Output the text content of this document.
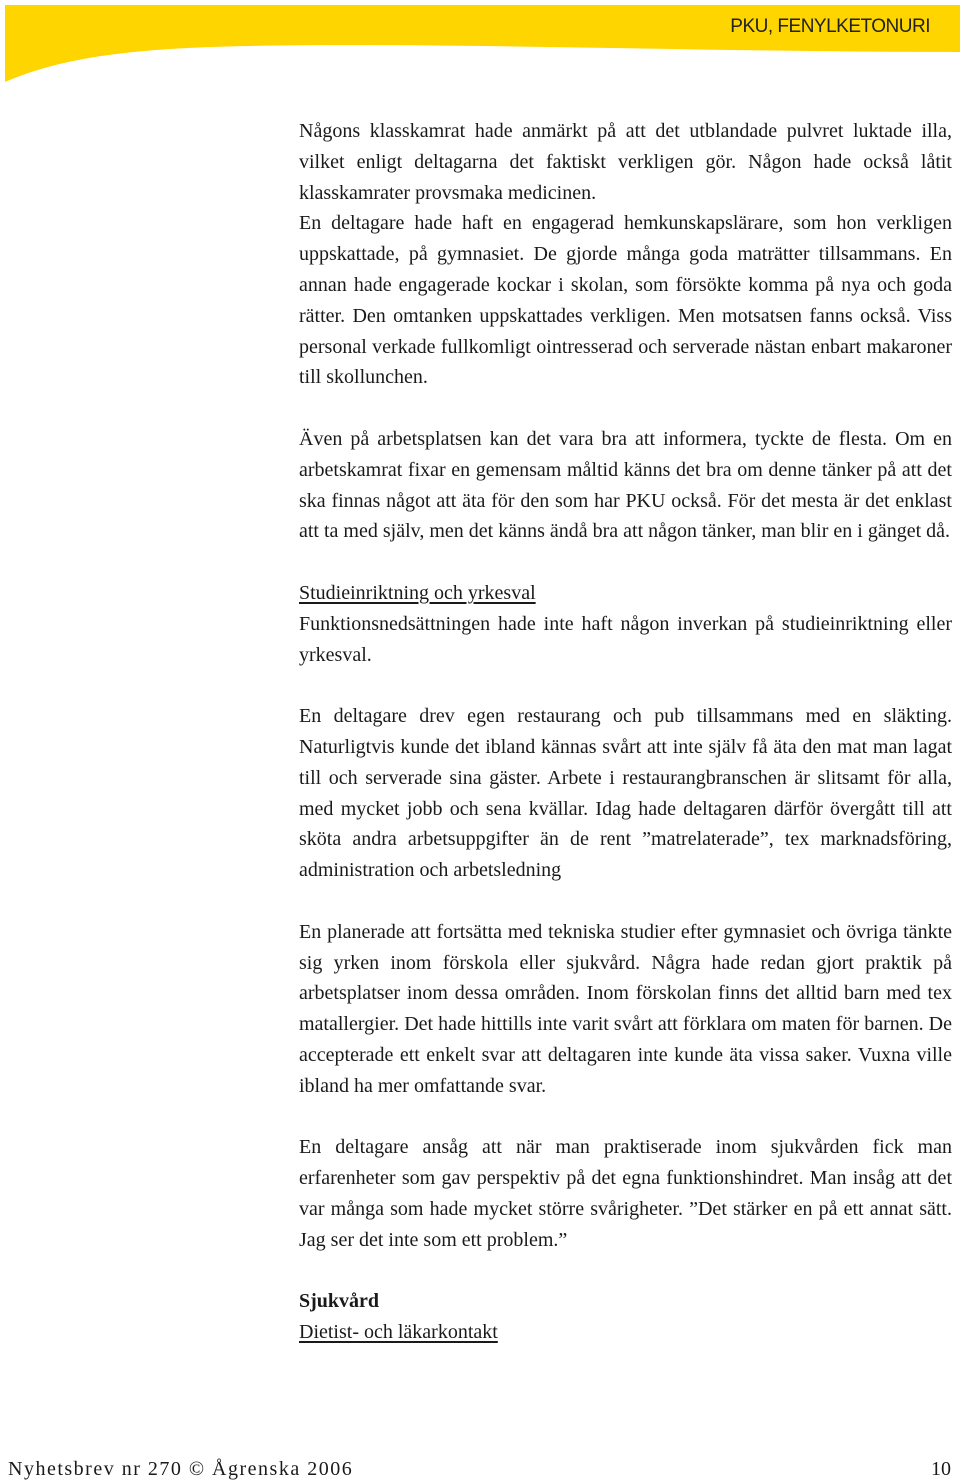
PKU, FENYLKETONURI

Någons klasskamrat hade anmärkt på att det utblandade pulvret luktade illa, vilket enligt deltagarna det faktiskt verkligen gör. Någon hade också låtit klasskamrater provsmaka medicinen.

En deltagare hade haft en engagerad hemkunskapslärare, som hon verkligen uppskattade, på gymnasiet. De gjorde många goda maträtter tillsammans. En annan hade engagerade kockar i skolan, som försökte komma på nya och goda rätter. Den omtanken uppskattades verkligen. Men motsatsen fanns också. Viss personal verkade fullkomligt ointresserad och serverade nästan enbart makaroner till skollunchen.

Även på arbetsplatsen kan det vara bra att informera, tyckte de flesta. Om en arbetskamrat fixar en gemensam måltid känns det bra om denne tänker på att det ska finnas något att äta för den som har PKU också. För det mesta är det enklast att ta med själv, men det känns ändå bra att någon tänker, man blir en i gänget då.

Studieinriktning och yrkesval

Funktionsnedsättningen hade inte haft någon inverkan på studieinriktning eller yrkesval.

En deltagare drev egen restaurang och pub tillsammans med en släkting. Naturligtvis kunde det ibland kännas svårt att inte själv få äta den mat man lagat till och serverade sina gäster. Arbete i restaurangbranschen är slitsamt för alla, med mycket jobb och sena kvällar. Idag hade deltagaren därför övergått till att sköta andra arbetsuppgifter än de rent ”matrelaterade”, tex marknadsföring, administration och arbetsledning

En planerade att fortsätta med tekniska studier efter gymnasiet och övriga tänkte sig yrken inom förskola eller sjukvård. Några hade redan gjort praktik på arbetsplatser inom dessa områden. Inom förskolan finns det alltid barn med tex matallergier. Det hade hittills inte varit svårt att förklara om maten för barnen. De accepterade ett enkelt svar att deltagaren inte kunde äta vissa saker. Vuxna ville ibland ha mer omfattande svar.

En deltagare ansåg att när man praktiserade inom sjukvården fick man erfarenheter som gav perspektiv på det egna funktionshindret. Man insåg att det var många som hade mycket större svårigheter. ”Det stärker en på ett annat sätt. Jag ser det inte som ett problem.”

Sjukvård
Dietist- och läkarkontakt
Nyhetsbrev nr 270 © Ågrenska 2006	10
